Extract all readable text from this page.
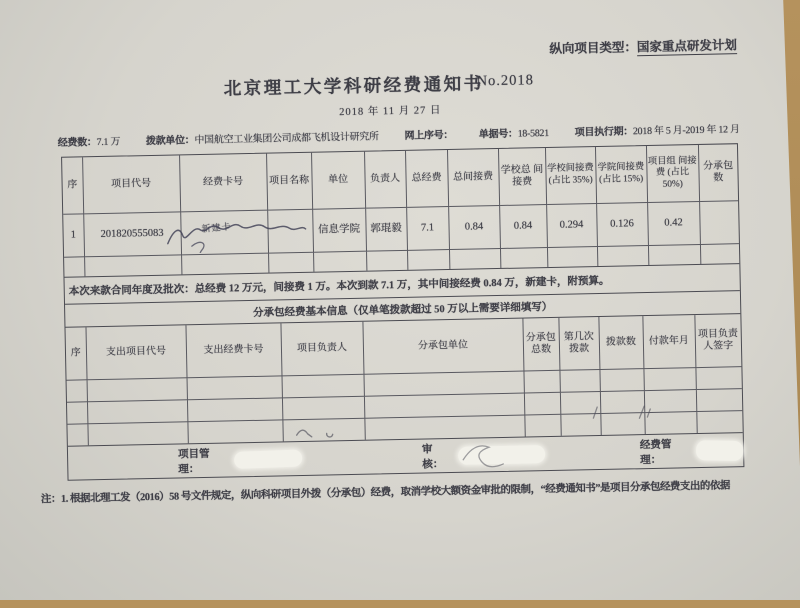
纵向项目类型：国家重点研发计划
北京理工大学科研经费通知书
No.2018
2018 年 11 月 27 日
经费数：7.1 万	拨款单位：中国航空工业集团公司成都飞机设计研究所	网上序号：	单据号：18-5821	项目执行期：2018 年 5 月-2019 年 12 月
序	项目代号	经费卡号	项目名称	单位	负责人	总经费	总间接费	学校总 间接费	学校间接费 (占比 35%)	学院间接费 (占比 15%)	项目组 间接费 (占比 50%)	分承包 数
1	201820555083			信息学院	郭琨毅	7.1	0.84	0.84	0.294	0.126	0.42	

新建卡
本次来款合同年度及批次：总经费 12 万元，间接费 1 万。本次到款 7.1 万，其中间接经费 0.84 万，新建卡，附预算。
分承包经费基本信息（仅单笔拨款超过 50 万以上需要详细填写）
序	支出项目代号	支出经费卡号	项目负责人	分承包单位	分承包 总数	第几次 拨款	拨款数	付款年月	项目负责 人签字

项目管理：
审核：
经费管理：
注：1. 根据北理工发（2016）58 号文件规定，纵向科研项目外拨（分承包）经费，取消学校大额资金审批的限制，“经费通知书”是项目分承包经费支出的依据
